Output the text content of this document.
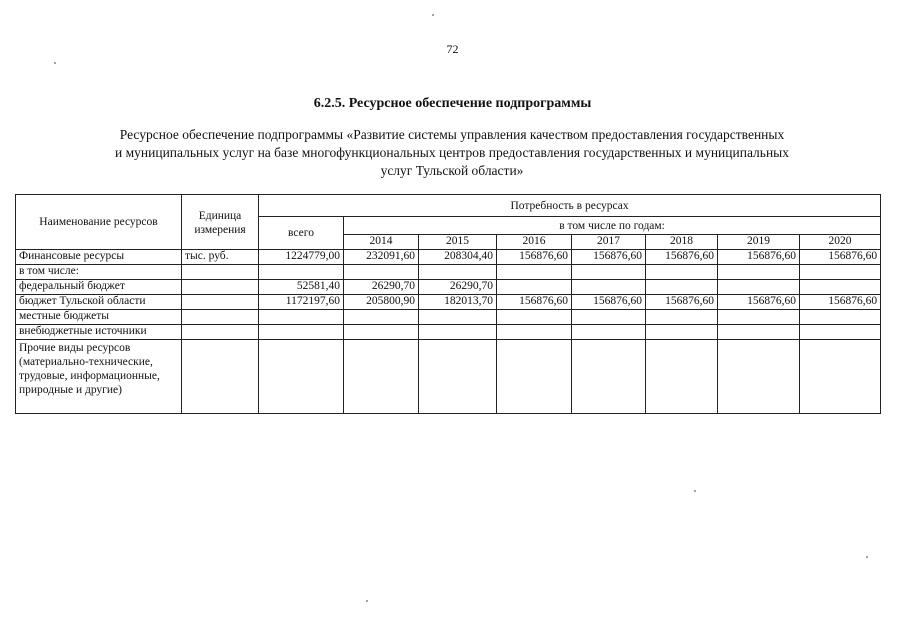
72
6.2.5. Ресурсное обеспечение подпрограммы
Ресурсное обеспечение подпрограммы «Развитие системы управления качеством предоставления государственных
и муниципальных услуг на базе многофункциональных центров предоставления государственных и муниципальных
услуг Тульской области»
Наименование ресурсов	Единица измерения	Потребность в ресурсах							
		всего	в том числе по годам:						
			2014	2015	2016	2017	2018	2019	2020
Финансовые ресурсы	тыс. руб.	1224779,00	232091,60	208304,40	156876,60	156876,60	156876,60	156876,60	156876,60
в том числе:									
федеральный бюджет		52581,40	26290,70	26290,70					
бюджет Тульской области		1172197,60	205800,90	182013,70	156876,60	156876,60	156876,60	156876,60	156876,60
местные бюджеты									
внебюджетные источники									
Прочие виды ресурсов (материально-технические, трудовые, информационные, природные и другие)									
